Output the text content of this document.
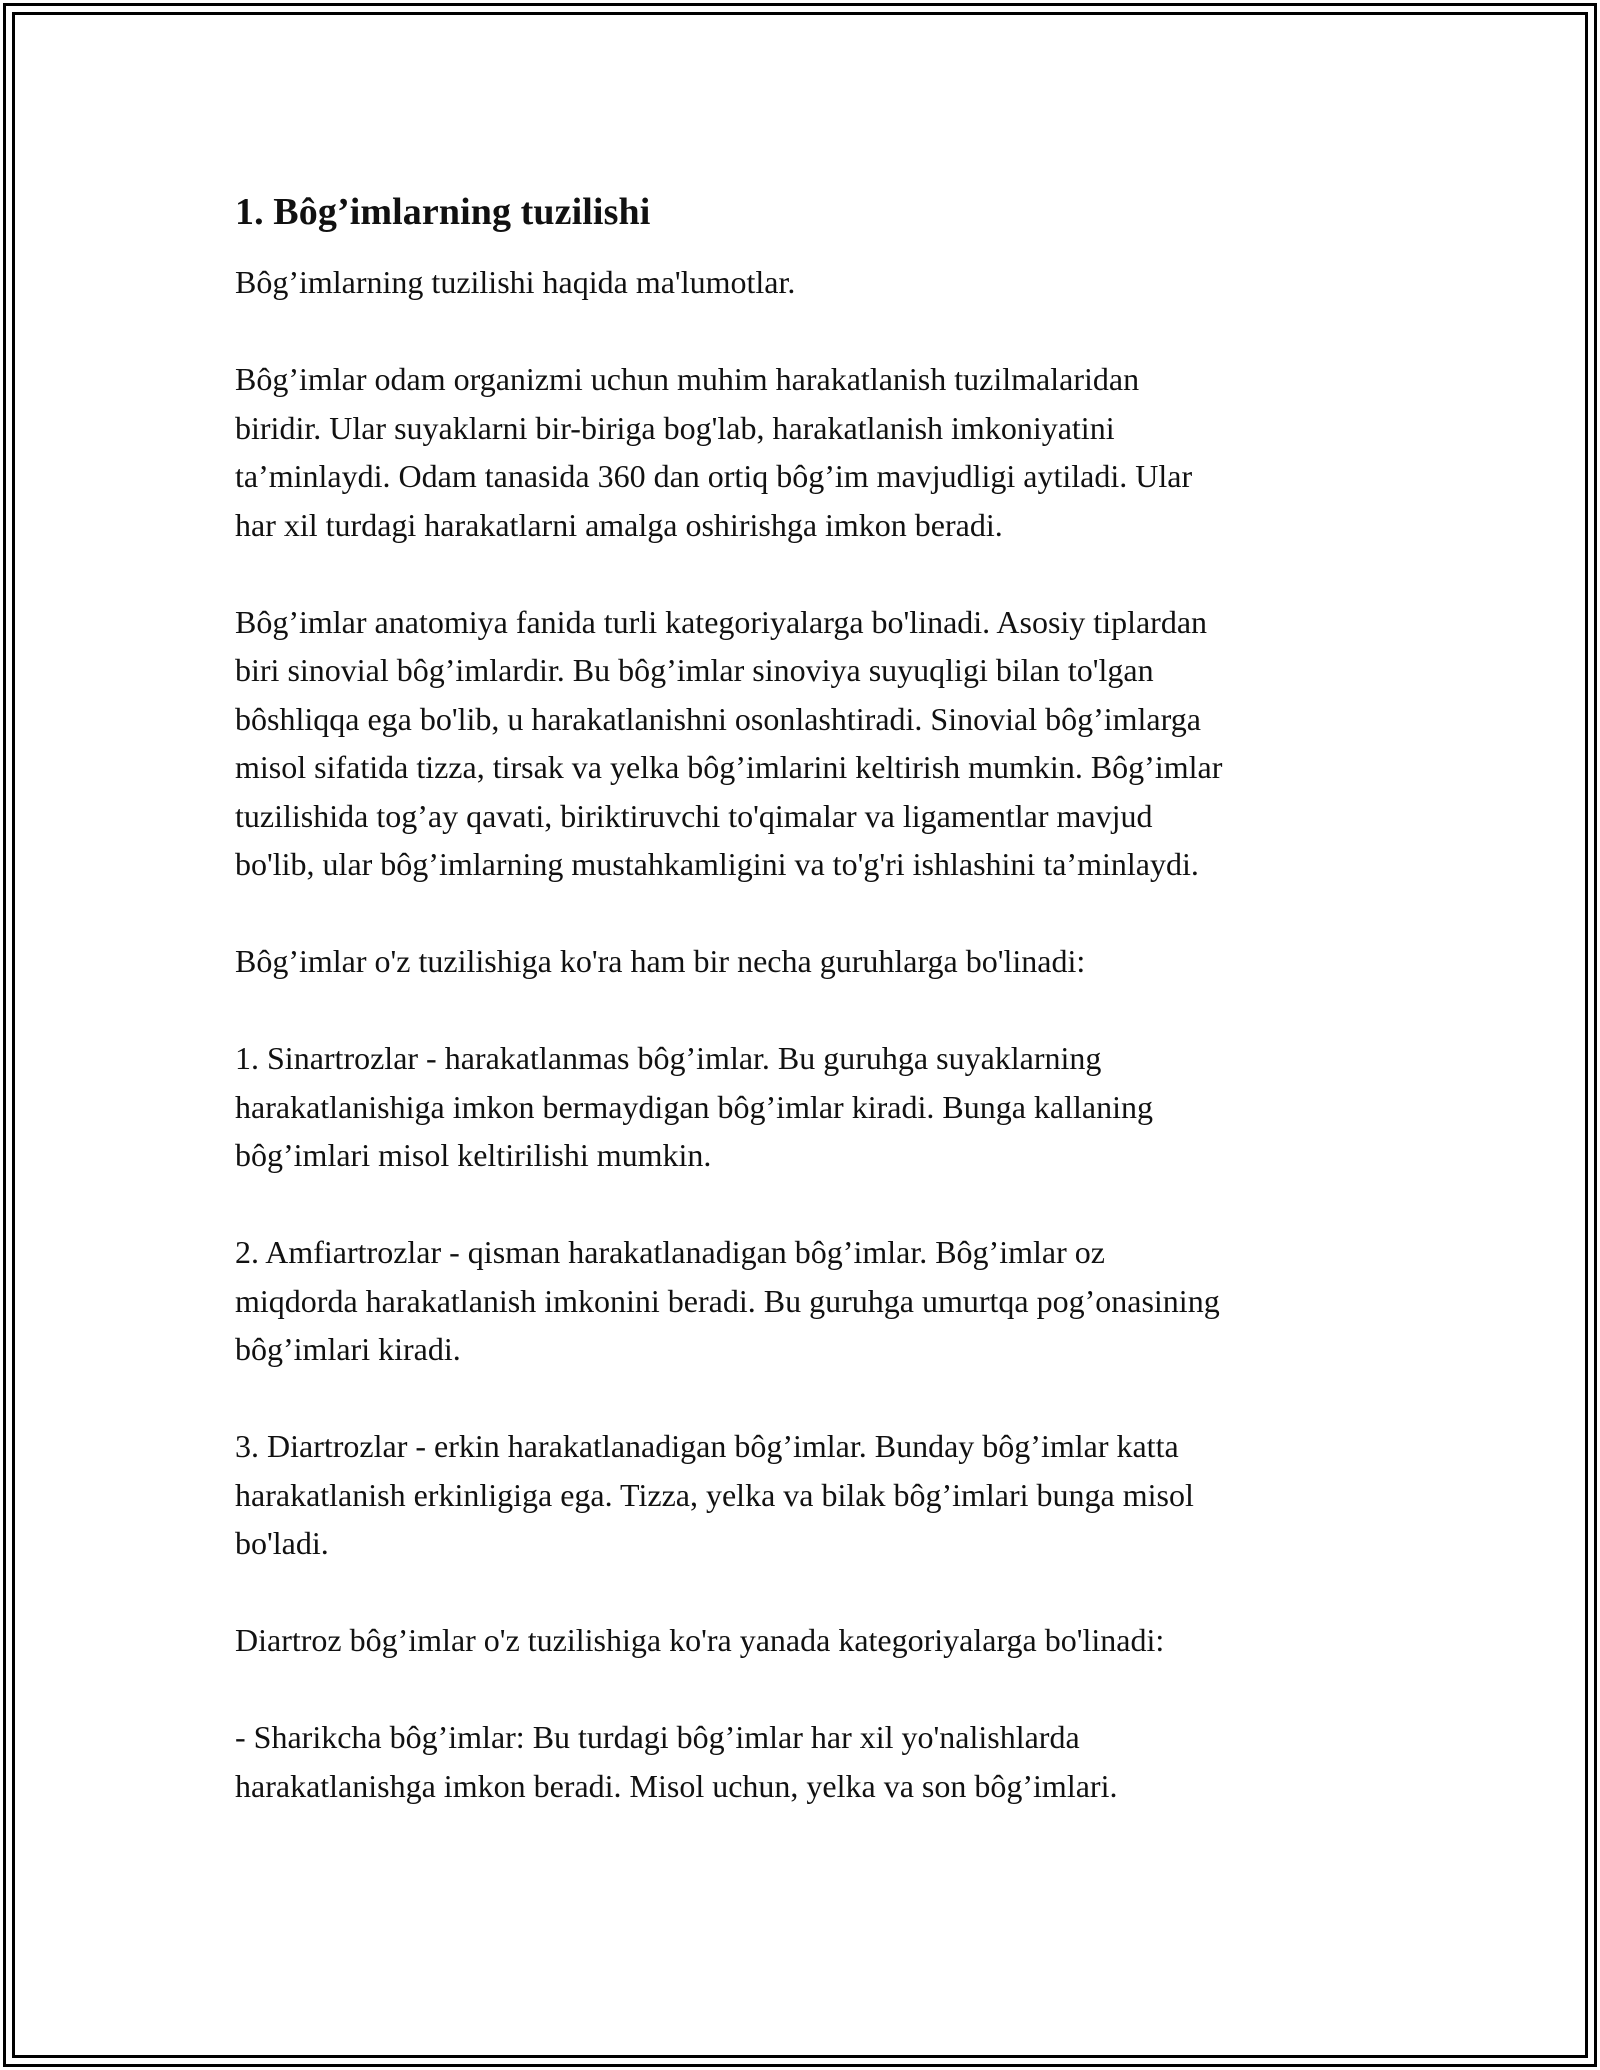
1. Bôg’imlarning tuzilishi

Bôg’imlarning tuzilishi haqida ma'lumotlar.

Bôg’imlar odam organizmi uchun muhim harakatlanish tuzilmalaridan
biridir. Ular suyaklarni bir-biriga bog'lab, harakatlanish imkoniyatini
ta’minlaydi. Odam tanasida 360 dan ortiq bôg’im mavjudligi aytiladi. Ular
har xil turdagi harakatlarni amalga oshirishga imkon beradi.

Bôg’imlar anatomiya fanida turli kategoriyalarga bo'linadi. Asosiy tiplardan
biri sinovial bôg’imlardir. Bu bôg’imlar sinoviya suyuqligi bilan to'lgan
bôshliqqa ega bo'lib, u harakatlanishni osonlashtiradi. Sinovial bôg’imlarga
misol sifatida tizza, tirsak va yelka bôg’imlarini keltirish mumkin. Bôg’imlar
tuzilishida tog’ay qavati, biriktiruvchi to'qimalar va ligamentlar mavjud
bo'lib, ular bôg’imlarning mustahkamligini va to'g'ri ishlashini ta’minlaydi.

Bôg’imlar o'z tuzilishiga ko'ra ham bir necha guruhlarga bo'linadi:

1. Sinartrozlar - harakatlanmas bôg’imlar. Bu guruhga suyaklarning
harakatlanishiga imkon bermaydigan bôg’imlar kiradi. Bunga kallaning
bôg’imlari misol keltirilishi mumkin.

2. Amfiartrozlar - qisman harakatlanadigan bôg’imlar. Bôg’imlar oz
miqdorda harakatlanish imkonini beradi. Bu guruhga umurtqa pog’onasining
bôg’imlari kiradi.

3. Diartrozlar - erkin harakatlanadigan bôg’imlar. Bunday bôg’imlar katta
harakatlanish erkinligiga ega. Tizza, yelka va bilak bôg’imlari bunga misol
bo'ladi.

Diartroz bôg’imlar o'z tuzilishiga ko'ra yanada kategoriyalarga bo'linadi:

- Sharikcha bôg’imlar: Bu turdagi bôg’imlar har xil yo'nalishlarda
harakatlanishga imkon beradi. Misol uchun, yelka va son bôg’imlari.
